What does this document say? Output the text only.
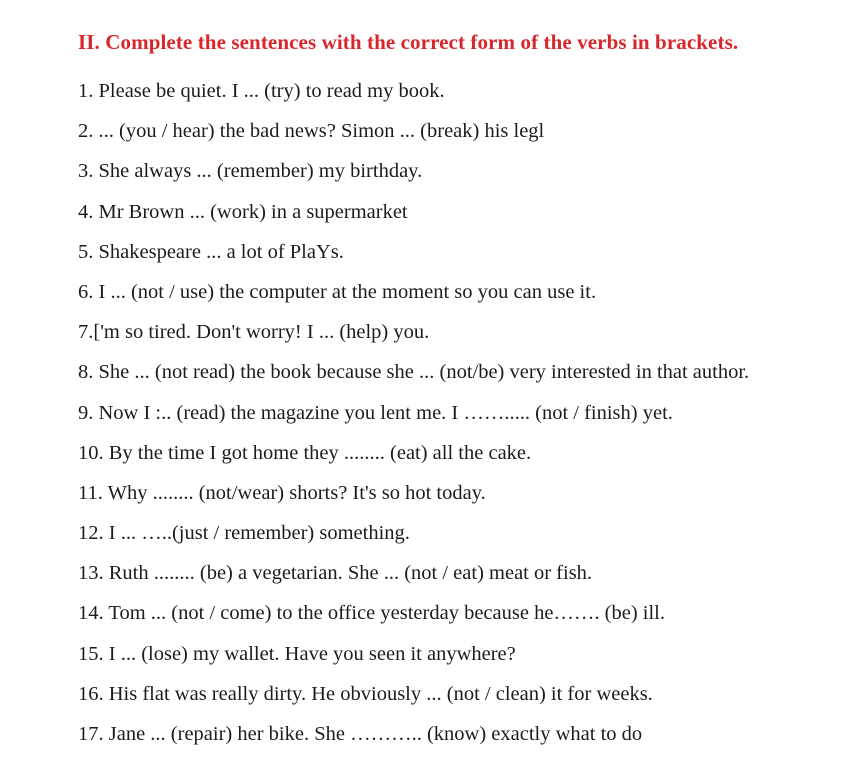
II. Complete the sentences with the correct form of the verbs in brackets.
1. Please be quiet. I ... (try) to read my book.
2. ... (you / hear) the bad news? Simon ... (break) his legl
3. She always ... (remember) my birthday.
4. Mr Brown ... (work) in a supermarket
5. Shakespeare ... a lot of PlaYs.
6. I ... (not / use) the computer at the moment so you can use it.
7.['m so tired. Don't worry! I ... (help) you.
8. She ... (not read) the book because she ... (not/be) very interested in that author.
9. Now I :.. (read) the magazine you lent me. I ……..... (not / finish) yet.
10. By the time I got home they ........ (eat) all the cake.
11. Why ........ (not/wear) shorts? It's so hot today.
12. I ... …..(just / remember) something.
13. Ruth ........ (be) a vegetarian. She ... (not / eat) meat or fish.
14. Tom ... (not / come) to the office yesterday because he……. (be) ill.
15. I ... (lose) my wallet. Have you seen it anywhere?
16. His flat was really dirty. He obviously ... (not / clean) it for weeks.
17. Jane ... (repair) her bike. She ……….. (know) exactly what to do
